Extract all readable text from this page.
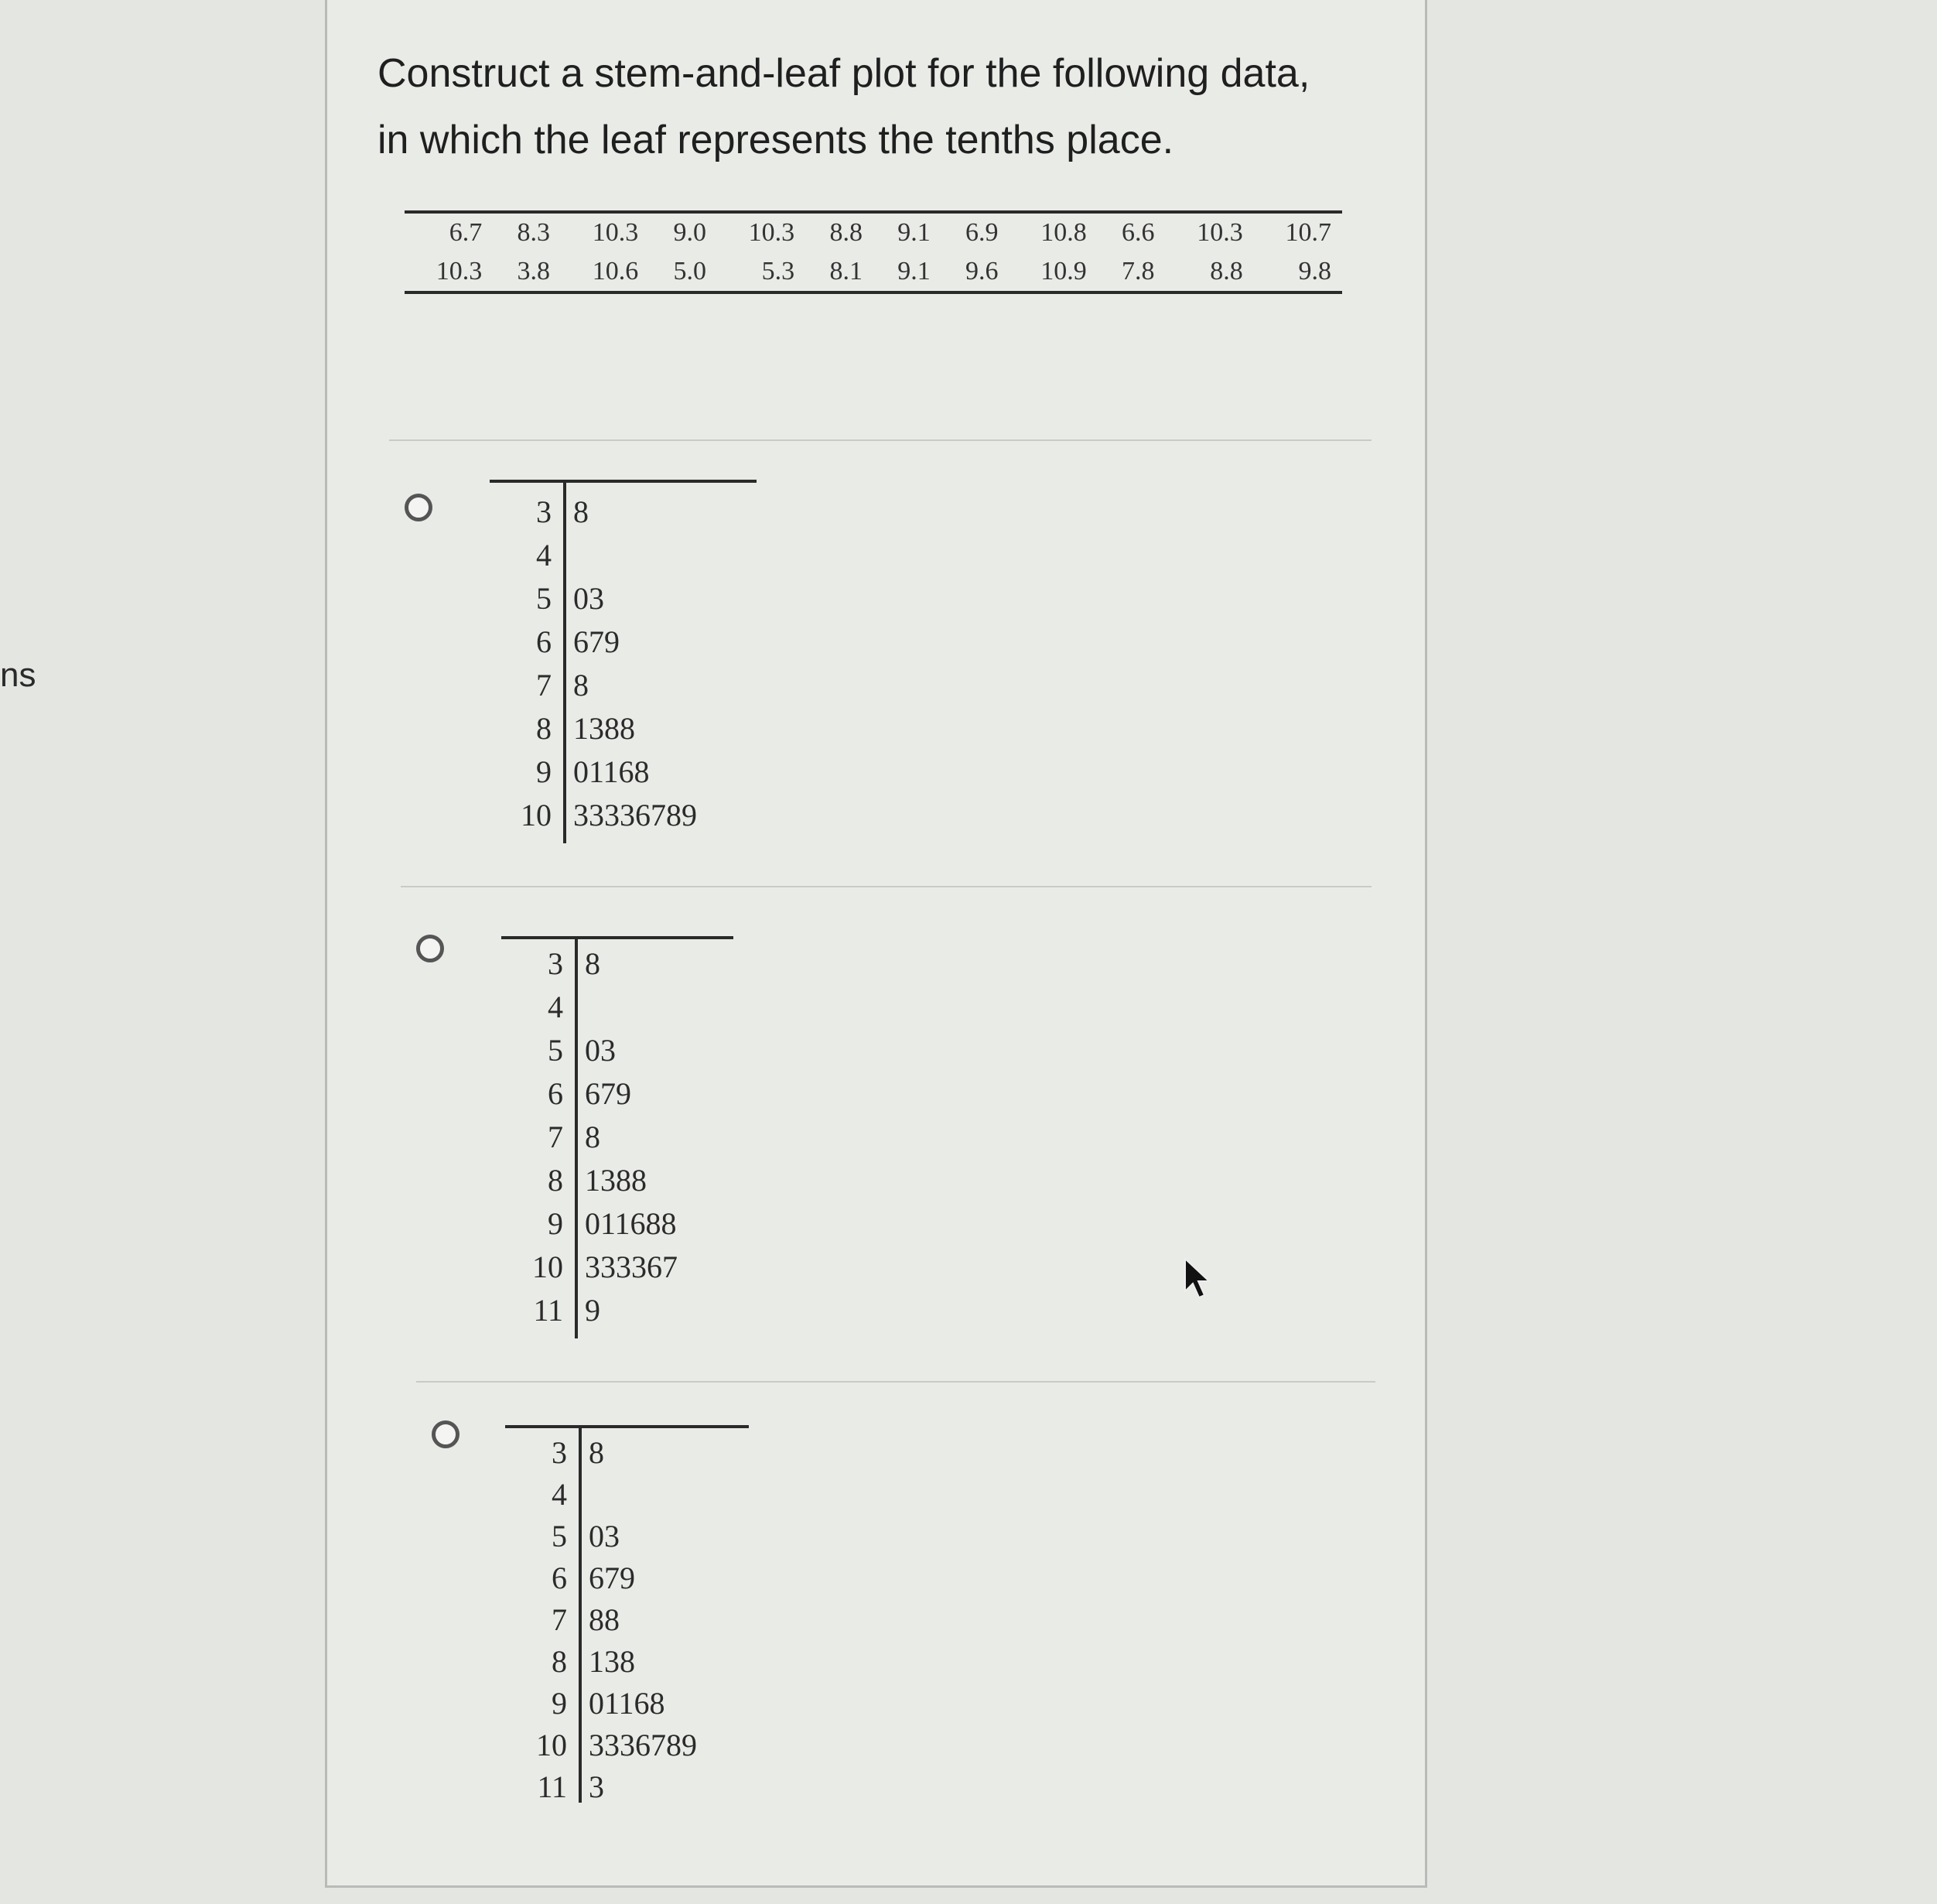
ns
Construct a stem-and-leaf plot for the following data,
in which the leaf represents the tenths place.
6.7	8.3	10.3	9.0	10.3	8.8	9.1	6.9	10.8	6.6	10.3	10.7
10.3	3.8	10.6	5.0	5.3	8.1	9.1	9.6	10.9	7.8	8.8	9.8
3 8
4
5 03
6 679
7 8
8 1388
9 01168
10 33336789
3 8
4
5 03
6 679
7 8
8 1388
9 011688
10 333367
11 9
3 8
4
5 03
6 679
7 88
8 138
9 01168
10 3336789
11 3
